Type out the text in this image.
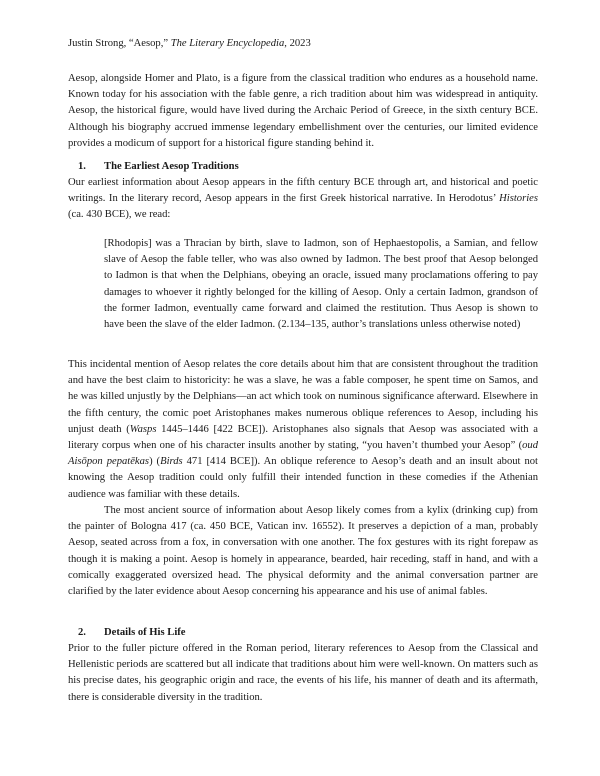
Justin Strong, “Aesop,” The Literary Encyclopedia, 2023

Aesop, alongside Homer and Plato, is a figure from the classical tradition who endures as a household name. Known today for his association with the fable genre, a rich tradition about him was widespread in antiquity. Aesop, the historical figure, would have lived during the Archaic Period of Greece, in the sixth century BCE. Although his biography accrued immense legendary embellishment over the centuries, our limited evidence provides a modicum of support for a historical figure standing behind it.

1. The Earliest Aesop Traditions

Our earliest information about Aesop appears in the fifth century BCE through art, and historical and poetic writings. In the literary record, Aesop appears in the first Greek historical narrative. In Herodotus’ Histories (ca. 430 BCE), we read:

[Rhodopis] was a Thracian by birth, slave to Iadmon, son of Hephaestopolis, a Samian, and fellow slave of Aesop the fable teller, who was also owned by Iadmon. The best proof that Aesop belonged to Iadmon is that when the Delphians, obeying an oracle, issued many proclamations offering to pay damages to whoever it rightly belonged for the killing of Aesop. Only a certain Iadmon, grandson of the former Iadmon, eventually came forward and claimed the restitution. Thus Aesop is shown to have been the slave of the elder Iadmon. (2.134–135, author’s translations unless otherwise noted)

This incidental mention of Aesop relates the core details about him that are consistent throughout the tradition and have the best claim to historicity: he was a slave, he was a fable composer, he spent time on Samos, and he was killed unjustly by the Delphians—an act which took on numinous significance afterward. Elsewhere in the fifth century, the comic poet Aristophanes makes numerous oblique references to Aesop, including his unjust death (Wasps 1445–1446 [422 BCE]). Aristophanes also signals that Aesop was associated with a literary corpus when one of his character insults another by stating, “you haven’t thumbed your Aesop” (oud Aisōpon pepatēkas) (Birds 471 [414 BCE]). An oblique reference to Aesop’s death and an insult about not knowing the Aesop tradition could only fulfill their intended function in these comedies if the Athenian audience was familiar with these details.

The most ancient source of information about Aesop likely comes from a kylix (drinking cup) from the painter of Bologna 417 (ca. 450 BCE, Vatican inv. 16552). It preserves a depiction of a man, probably Aesop, seated across from a fox, in conversation with one another. The fox gestures with its right forepaw as though it is making a point. Aesop is homely in appearance, bearded, hair receding, staff in hand, and with a comically exaggerated oversized head. The physical deformity and the animal conversation partner are clarified by the later evidence about Aesop concerning his appearance and his use of animal fables.

2. Details of His Life

Prior to the fuller picture offered in the Roman period, literary references to Aesop from the Classical and Hellenistic periods are scattered but all indicate that traditions about him were well-known. On matters such as his precise dates, his geographic origin and race, the events of his life, his manner of death and its aftermath, there is considerable diversity in the tradition.
